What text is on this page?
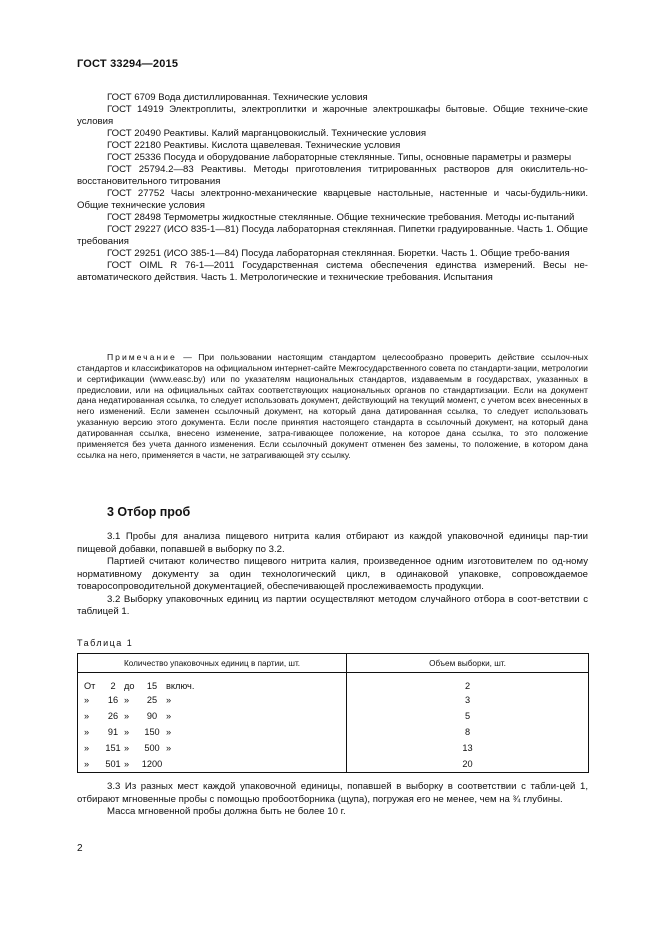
ГОСТ 33294—2015

ГОСТ 6709 Вода дистиллированная. Технические условия

ГОСТ 14919 Электроплиты, электроплитки и жарочные электрошкафы бытовые. Общие техниче-ские условия

ГОСТ 20490 Реактивы. Калий марганцовокислый. Технические условия

ГОСТ 22180 Реактивы. Кислота щавелевая. Технические условия

ГОСТ 25336 Посуда и оборудование лабораторные стеклянные. Типы, основные параметры и размеры

ГОСТ 25794.2—83 Реактивы. Методы приготовления титрированных растворов для окислитель-но-восстановительного титрования

ГОСТ 27752 Часы электронно-механические кварцевые настольные, настенные и часы-будиль-ники. Общие технические условия

ГОСТ 28498 Термометры жидкостные стеклянные. Общие технические требования. Методы ис-пытаний

ГОСТ 29227 (ИСО 835-1—81) Посуда лабораторная стеклянная. Пипетки градуированные. Часть 1. Общие требования

ГОСТ 29251 (ИСО 385-1—84) Посуда лабораторная стеклянная. Бюретки. Часть 1. Общие требо-вания

ГОСТ OIML R 76-1—2011 Государственная система обеспечения единства измерений. Весы не-автоматического действия. Часть 1. Метрологические и технические требования. Испытания

Примечание — При пользовании настоящим стандартом целесообразно проверить действие ссылоч-ных стандартов и классификаторов на официальном интернет-сайте Межгосударственного совета по стандарти-зации, метрологии и сертификации (www.easc.by) или по указателям национальных стандартов, издаваемым в государствах, указанных в предисловии, или на официальных сайтах соответствующих национальных органов по стандартизации. Если на документ дана недатированная ссылка, то следует использовать документ, действующий на текущий момент, с учетом всех внесенных в него изменений. Если заменен ссылочный документ, на который дана датированная ссылка, то следует использовать указанную версию этого документа. Если после принятия настоящего стандарта в ссылочный документ, на который дана датированная ссылка, внесено изменение, затра-гивающее положение, на которое дана ссылка, то это положение применяется без учета данного изменения. Если ссылочный документ отменен без замены, то положение, в котором дана ссылка на него, применяется в части, не затрагивающей эту ссылку.

3 Отбор проб

3.1 Пробы для анализа пищевого нитрита калия отбирают из каждой упаковочной единицы пар-тии пищевой добавки, попавшей в выборку по 3.2.

Партией считают количество пищевого нитрита калия, произведенное одним изготовителем по од-ному нормативному документу за один технологический цикл, в одинаковой упаковке, сопровождаемое товаросопроводительной документацией, обеспечивающей прослеживаемость продукции.

3.2 Выборку упаковочных единиц из партии осуществляют методом случайного отбора в соот-ветствии с таблицей 1.

Таблица 1
Количество упаковочных единиц в партии, шт.	Объем выборки, шт.
От 2 до 15 включ.	2
» 16 » 25 »	3
» 26 » 90 »	5
» 91 » 150 »	8
» 151 » 500 »	13
» 501 » 1200	20

3.3 Из разных мест каждой упаковочной единицы, попавшей в выборку в соответствии с табли-цей 1, отбирают мгновенные пробы с помощью пробоотборника (щупа), погружая его не менее, чем на ¾ глубины.

Масса мгновенной пробы должна быть не более 10 г.

2
